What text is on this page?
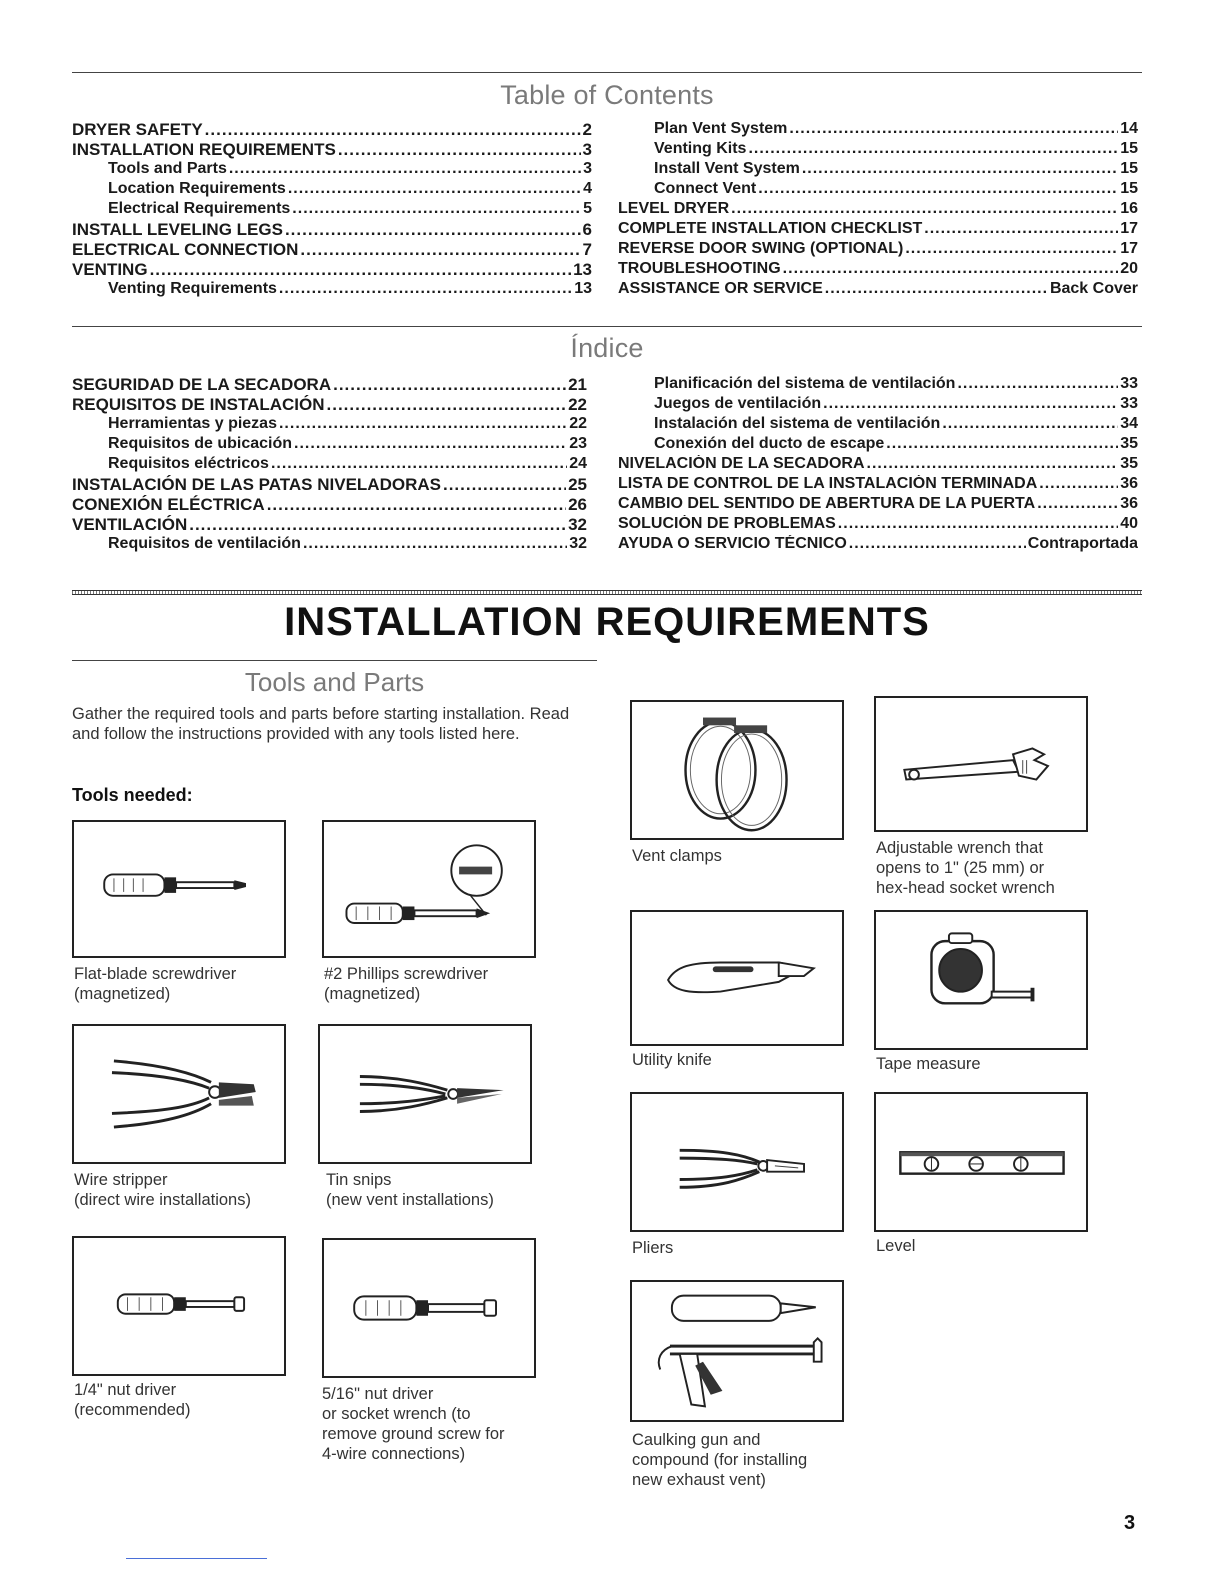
Table of Contents
DRYER SAFETY .....	2
INSTALLATION REQUIREMENTS .....	3
Tools and Parts .....	3
Location Requirements .....	4
Electrical Requirements .....	5
INSTALL LEVELING LEGS .....	6
ELECTRICAL CONNECTION .....	7
VENTING .....	13
Venting Requirements .....	13
Plan Vent System .....	14
Venting Kits .....	15
Install Vent System .....	15
Connect Vent .....	15
LEVEL DRYER .....	16
COMPLETE INSTALLATION CHECKLIST .....	17
REVERSE DOOR SWING (OPTIONAL) .....	17
TROUBLESHOOTING .....	20
ASSISTANCE OR SERVICE .....	Back Cover
Índice
SEGURIDAD DE LA SECADORA .....	21
REQUISITOS DE INSTALACIÓN .....	22
Herramientas y piezas .....	22
Requisitos de ubicación .....	23
Requisitos eléctricos .....	24
INSTALACIÓN DE LAS PATAS NIVELADORAS .....	25
CONEXIÓN ELÉCTRICA .....	26
VENTILACIÓN .....	32
Requisitos de ventilación .....	32
Planificación del sistema de ventilación .....	33
Juegos de ventilación .....	33
Instalación del sistema de ventilación .....	34
Conexión del ducto de escape .....	35
NIVELACIÓN DE LA SECADORA .....	35
LISTA DE CONTROL DE LA INSTALACIÓN TERMINADA .....	36
CAMBIO DEL SENTIDO DE ABERTURA DE LA PUERTA .....	36
SOLUCIÓN DE PROBLEMAS .....	40
AYUDA O SERVICIO TÉCNICO .....	Contraportada
INSTALLATION REQUIREMENTS
Tools and Parts
Gather the required tools and parts before starting installation. Read and follow the instructions provided with any tools listed here.
Tools needed:
Flat-blade screwdriver
(magnetized)
#2 Phillips screwdriver
(magnetized)
Wire stripper
(direct wire installations)
Tin snips
(new vent installations)
1/4" nut driver
(recommended)
5/16" nut driver
or socket wrench (to
remove ground screw for
4-wire connections)
Vent clamps	Adjustable wrench that
opens to 1" (25 mm) or
hex-head socket wrench
Utility knife	Tape measure
Pliers	Level
Caulking gun and
compound (for installing
new exhaust vent)
3
